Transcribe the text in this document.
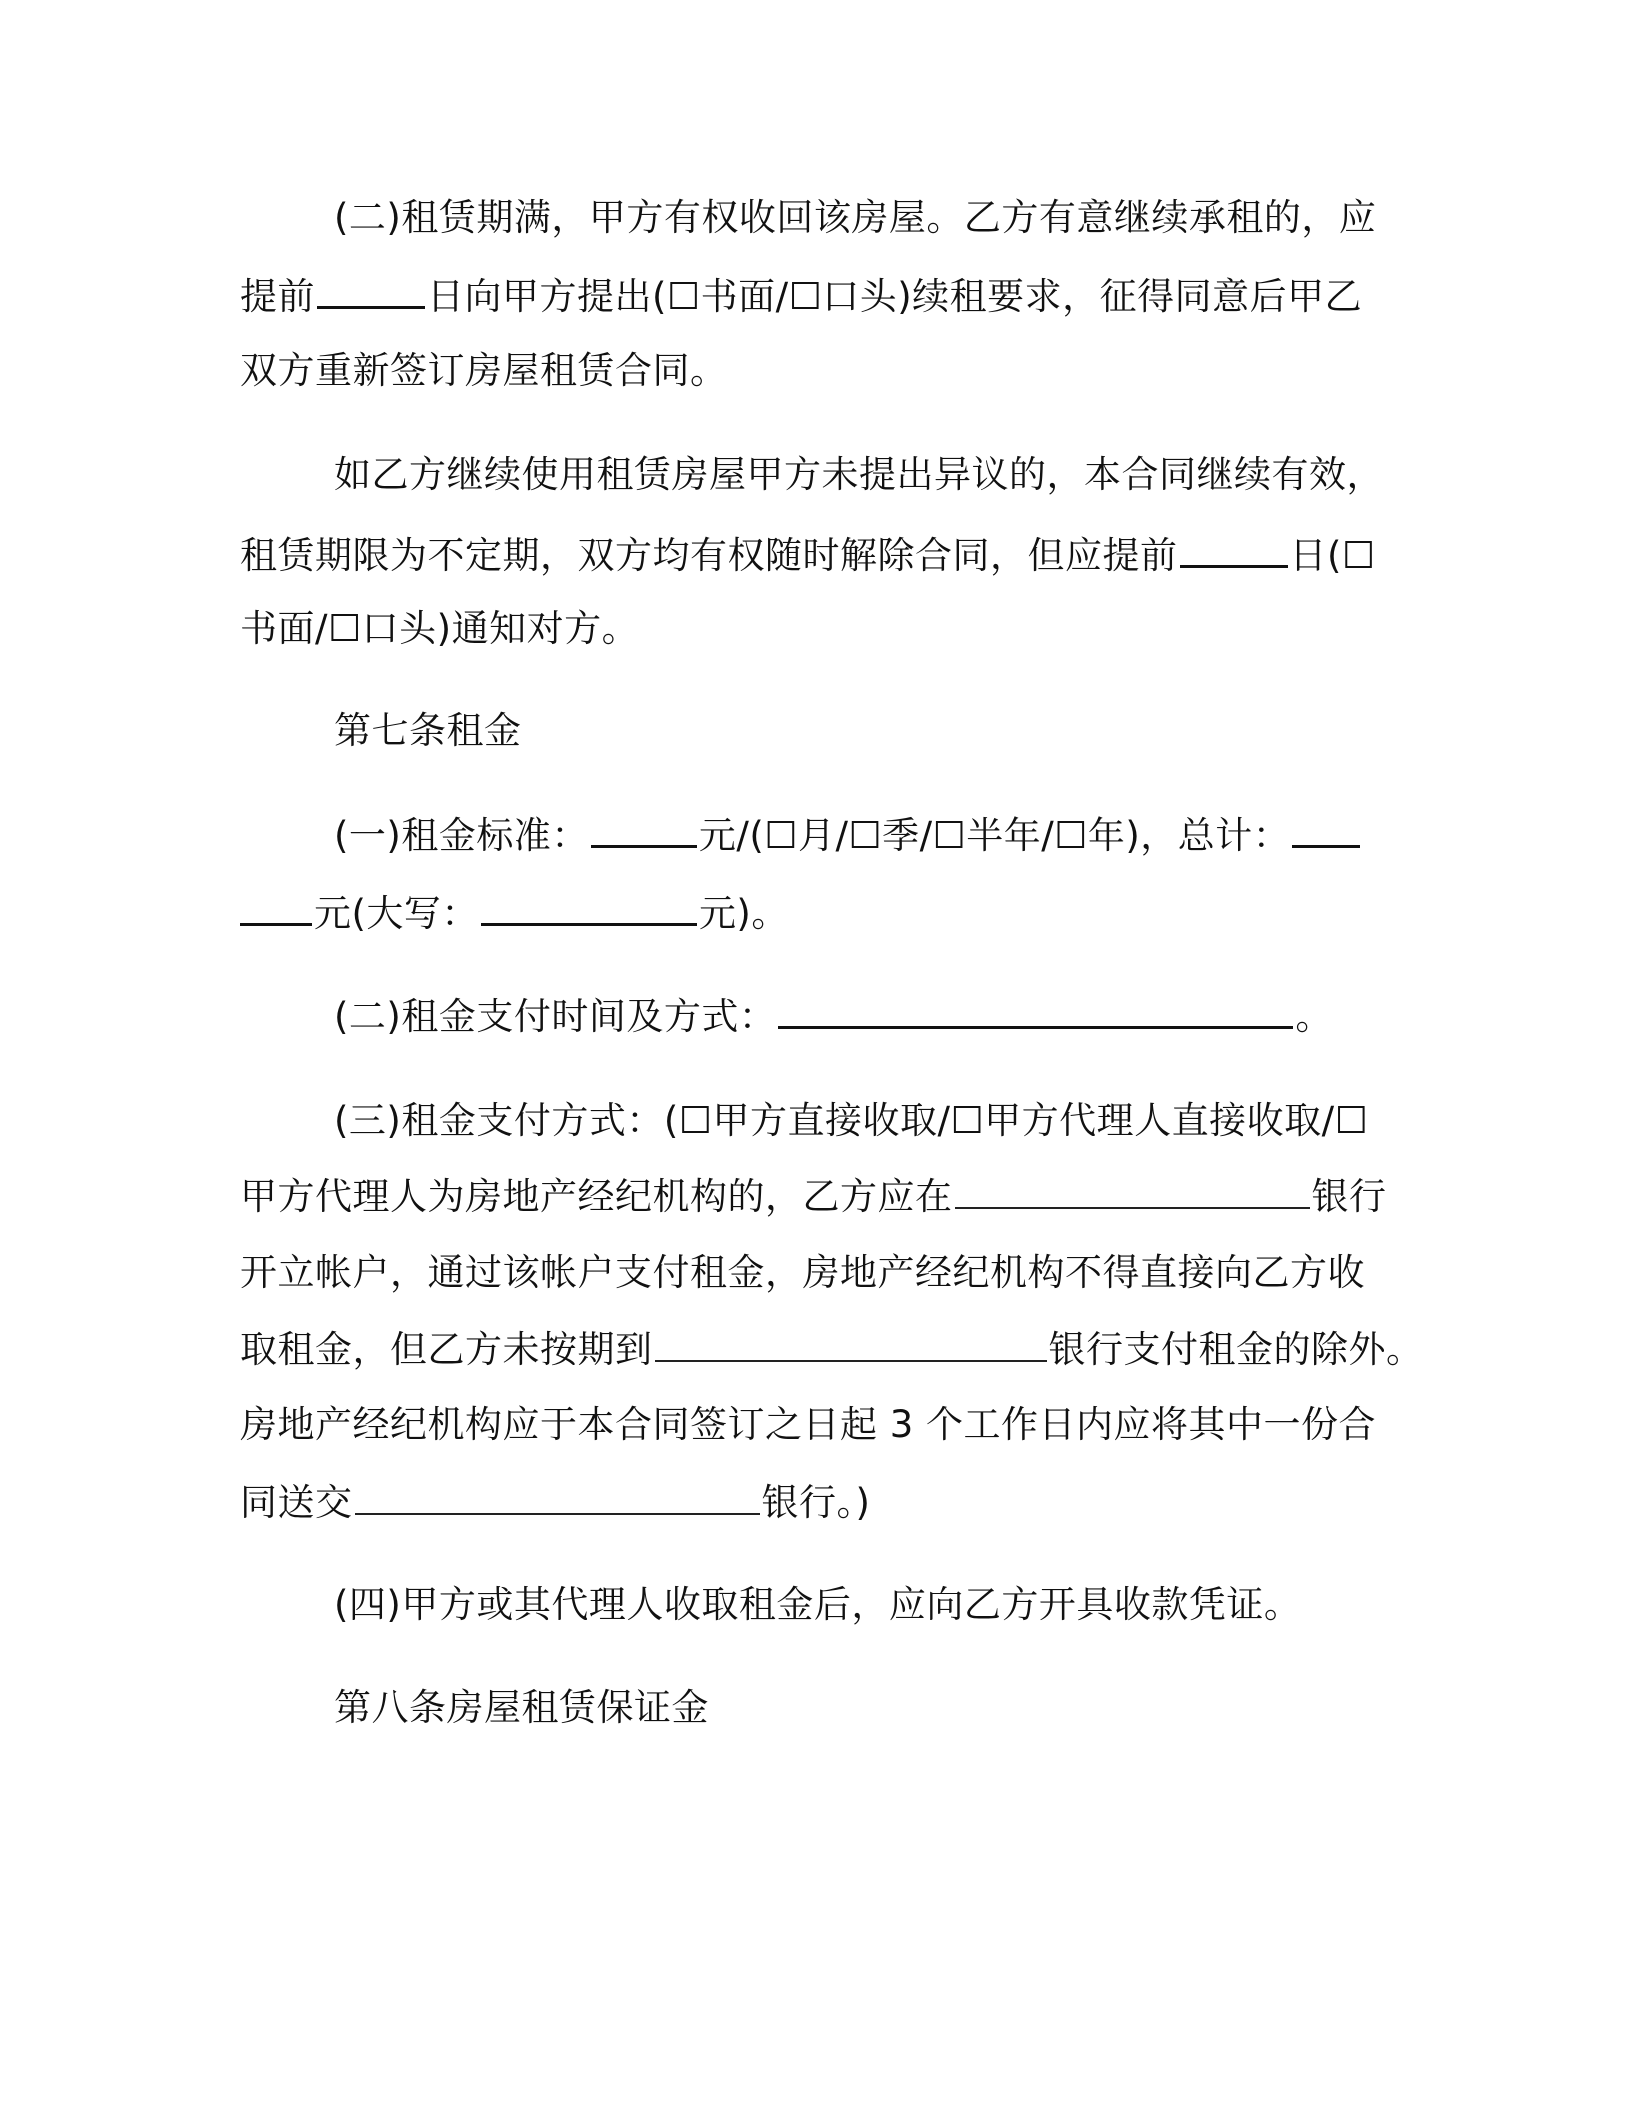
(二)租赁期满，甲方有权收回该房屋。乙方有意继续承租的，应
提前	日向甲方提出(☐书面/☐口头)续租要求，征得同意后甲乙
双方重新签订房屋租赁合同。
如乙方继续使用租赁房屋甲方未提出异议的，本合同继续有效，
租赁期限为不定期，双方均有权随时解除合同，但应提前	日(☐
书面/☐口头)通知对方。
第七条租金
(一)租金标准：	元/(☐月/☐季/☐半年/☐年)，总计：
元(大写：	元)。
(二)租金支付时间及方式：	。
(三)租金支付方式：(☐甲方直接收取/☐甲方代理人直接收取/☐
甲方代理人为房地产经纪机构的，乙方应在	银行
开立帐户，通过该帐户支付租金，房地产经纪机构不得直接向乙方收
取租金，但乙方未按期到	银行支付租金的除外。
房地产经纪机构应于本合同签订之日起 3 个工作日内应将其中一份合
同送交	银行。)
(四)甲方或其代理人收取租金后，应向乙方开具收款凭证。
第八条房屋租赁保证金
